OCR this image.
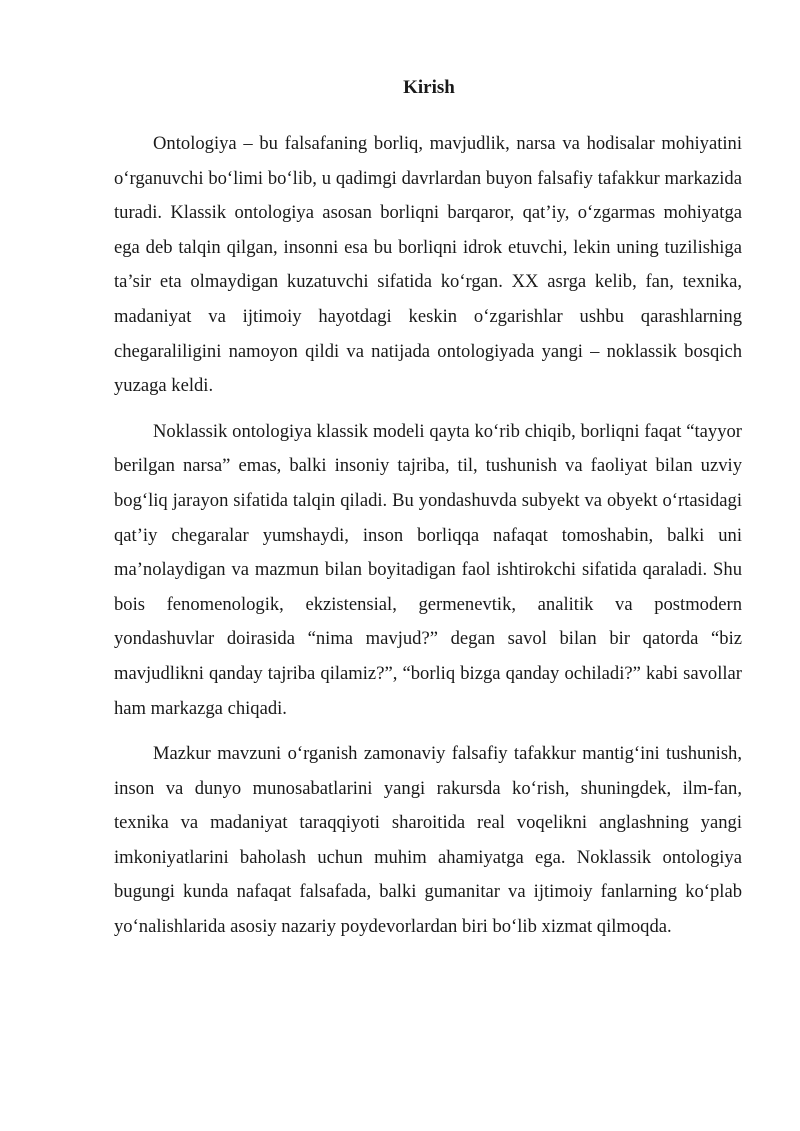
Kirish

Ontologiya – bu falsafaning borliq, mavjudlik, narsa va hodisalar mohiyatini o‘rganuvchi bo‘limi bo‘lib, u qadimgi davrlardan buyon falsafiy tafakkur markazida turadi. Klassik ontologiya asosan borliqni barqaror, qat’iy, o‘zgarmas mohiyatga ega deb talqin qilgan, insonni esa bu borliqni idrok etuvchi, lekin uning tuzilishiga ta’sir eta olmaydigan kuzatuvchi sifatida ko‘rgan. XX asrga kelib, fan, texnika, madaniyat va ijtimoiy hayotdagi keskin o‘zgarishlar ushbu qarashlarning chegaraliligini namoyon qildi va natijada ontologiyada yangi – noklassik bosqich yuzaga keldi.

Noklassik ontologiya klassik modeli qayta ko‘rib chiqib, borliqni faqat “tayyor berilgan narsa” emas, balki insoniy tajriba, til, tushunish va faoliyat bilan uzviy bog‘liq jarayon sifatida talqin qiladi. Bu yondashuvda subyekt va obyekt o‘rtasidagi qat’iy chegaralar yumshaydi, inson borliqqa nafaqat tomoshabin, balki uni ma’nolaydigan va mazmun bilan boyitadigan faol ishtirokchi sifatida qaraladi. Shu bois fenomenologik, ekzistensial, germenevtik, analitik va postmodern yondashuvlar doirasida “nima mavjud?” degan savol bilan bir qatorda “biz mavjudlikni qanday tajriba qilamiz?”, “borliq bizga qanday ochiladi?” kabi savollar ham markazga chiqadi.

Mazkur mavzuni o‘rganish zamonaviy falsafiy tafakkur mantig‘ini tushunish, inson va dunyo munosabatlarini yangi rakursda ko‘rish, shuningdek, ilm-fan, texnika va madaniyat taraqqiyoti sharoitida real voqelikni anglashning yangi imkoniyatlarini baholash uchun muhim ahamiyatga ega. Noklassik ontologiya bugungi kunda nafaqat falsafada, balki gumanitar va ijtimoiy fanlarning ko‘plab yo‘nalishlarida asosiy nazariy poydevorlardan biri bo‘lib xizmat qilmoqda.
